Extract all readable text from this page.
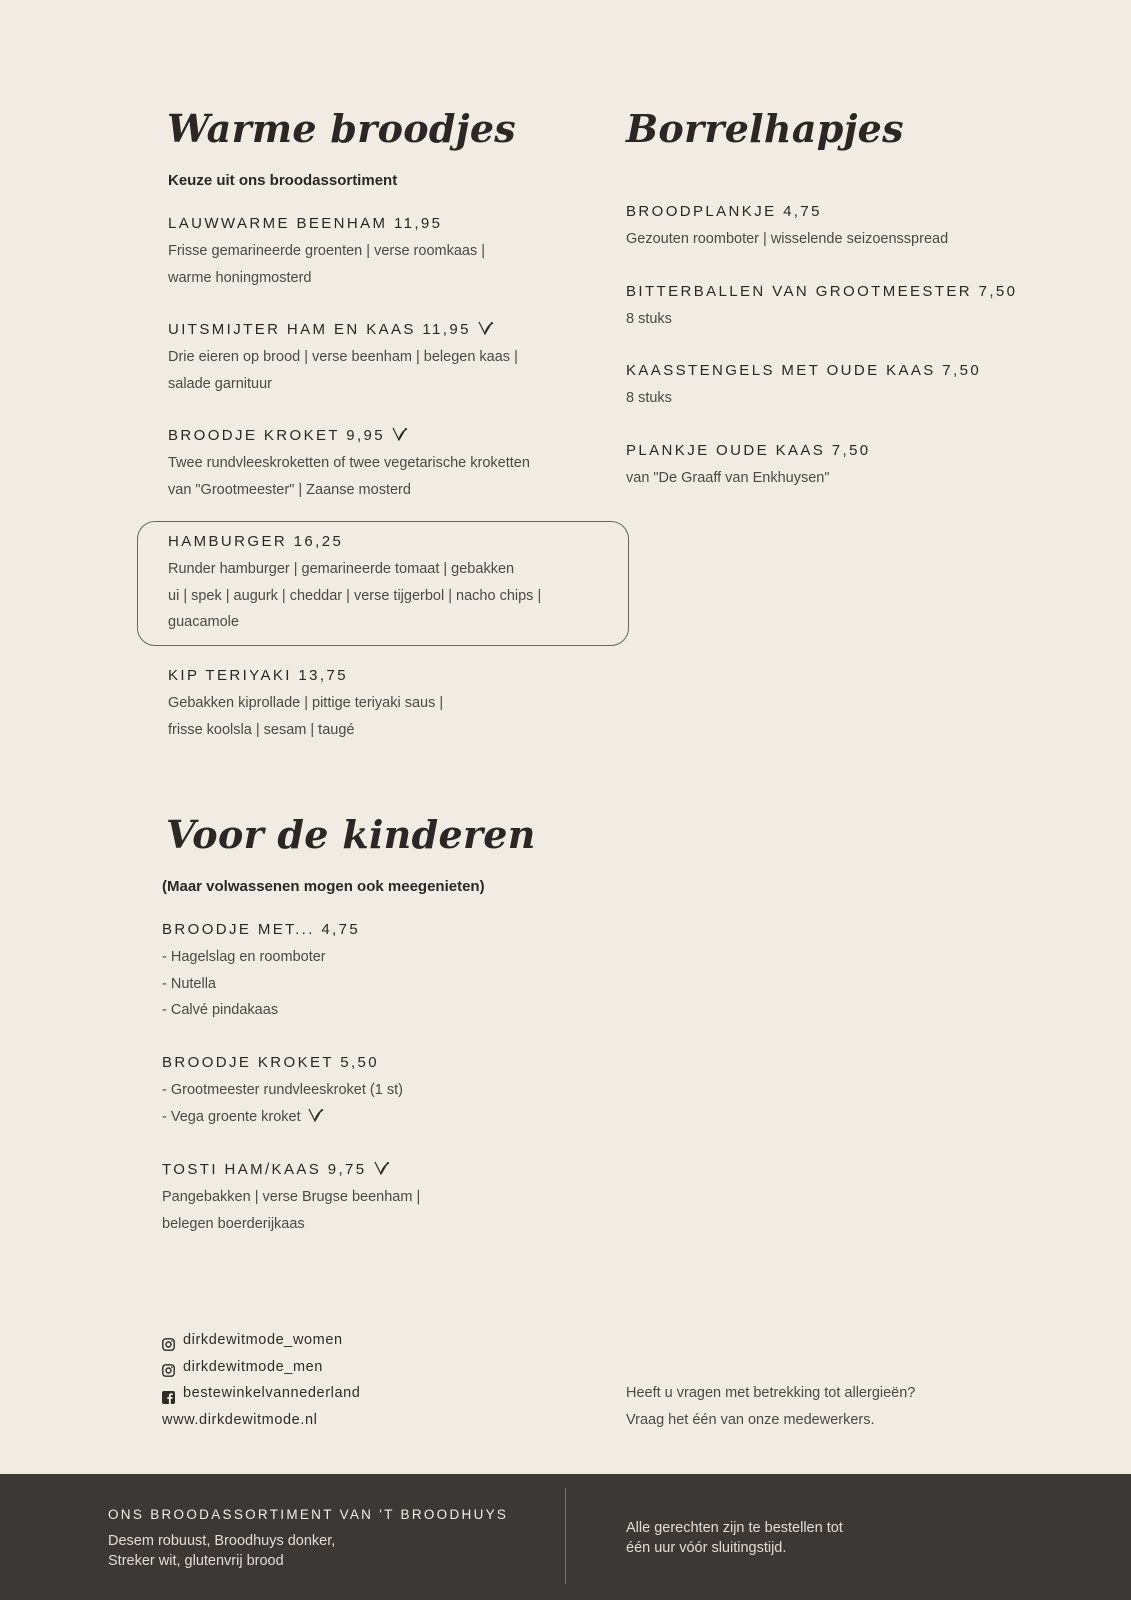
Warme broodjes
Keuze uit ons broodassortiment
LAUWWARME BEENHAM 11,95
Frisse gemarineerde groenten | verse roomkaas |
warme honingmosterd
UITSMIJTER HAM EN KAAS 11,95
Drie eieren op brood | verse beenham | belegen kaas |
salade garnituur
BROODJE KROKET 9,95
Twee rundvleeskroketten of twee vegetarische kroketten
van "Grootmeester" | Zaanse mosterd
HAMBURGER 16,25
Runder hamburger | gemarineerde tomaat | gebakken
ui | spek | augurk | cheddar | verse tijgerbol | nacho chips |
guacamole
KIP TERIYAKI 13,75
Gebakken kiprollade | pittige teriyaki saus |
frisse koolsla | sesam | taugé
Borrelhapjes
BROODPLANKJE 4,75
Gezouten roomboter | wisselende seizoensspread
BITTERBALLEN VAN GROOTMEESTER 7,50
8 stuks
KAASSTENGELS MET OUDE KAAS 7,50
8 stuks
PLANKJE OUDE KAAS 7,50
van "De Graaff van Enkhuysen"
Voor de kinderen
(Maar volwassenen mogen ook meegenieten)
BROODJE MET... 4,75
- Hagelslag en roomboter
- Nutella
- Calvé pindakaas
BROODJE KROKET 5,50
- Grootmeester rundvleeskroket (1 st)
- Vega groente kroket
TOSTI HAM/KAAS 9,75
Pangebakken | verse Brugse beenham |
belegen boerderijkaas
dirkdewitmode_women
dirkdewitmode_men
bestewinkelvannederland
www.dirkdewitmode.nl
Heeft u vragen met betrekking tot allergieën?
Vraag het één van onze medewerkers.
ONS BROODASSORTIMENT VAN 'T BROODHUYS
Desem robuust, Broodhuys donker,
Streker wit, glutenvrij brood
Alle gerechten zijn te bestellen tot
één uur vóór sluitingstijd.
